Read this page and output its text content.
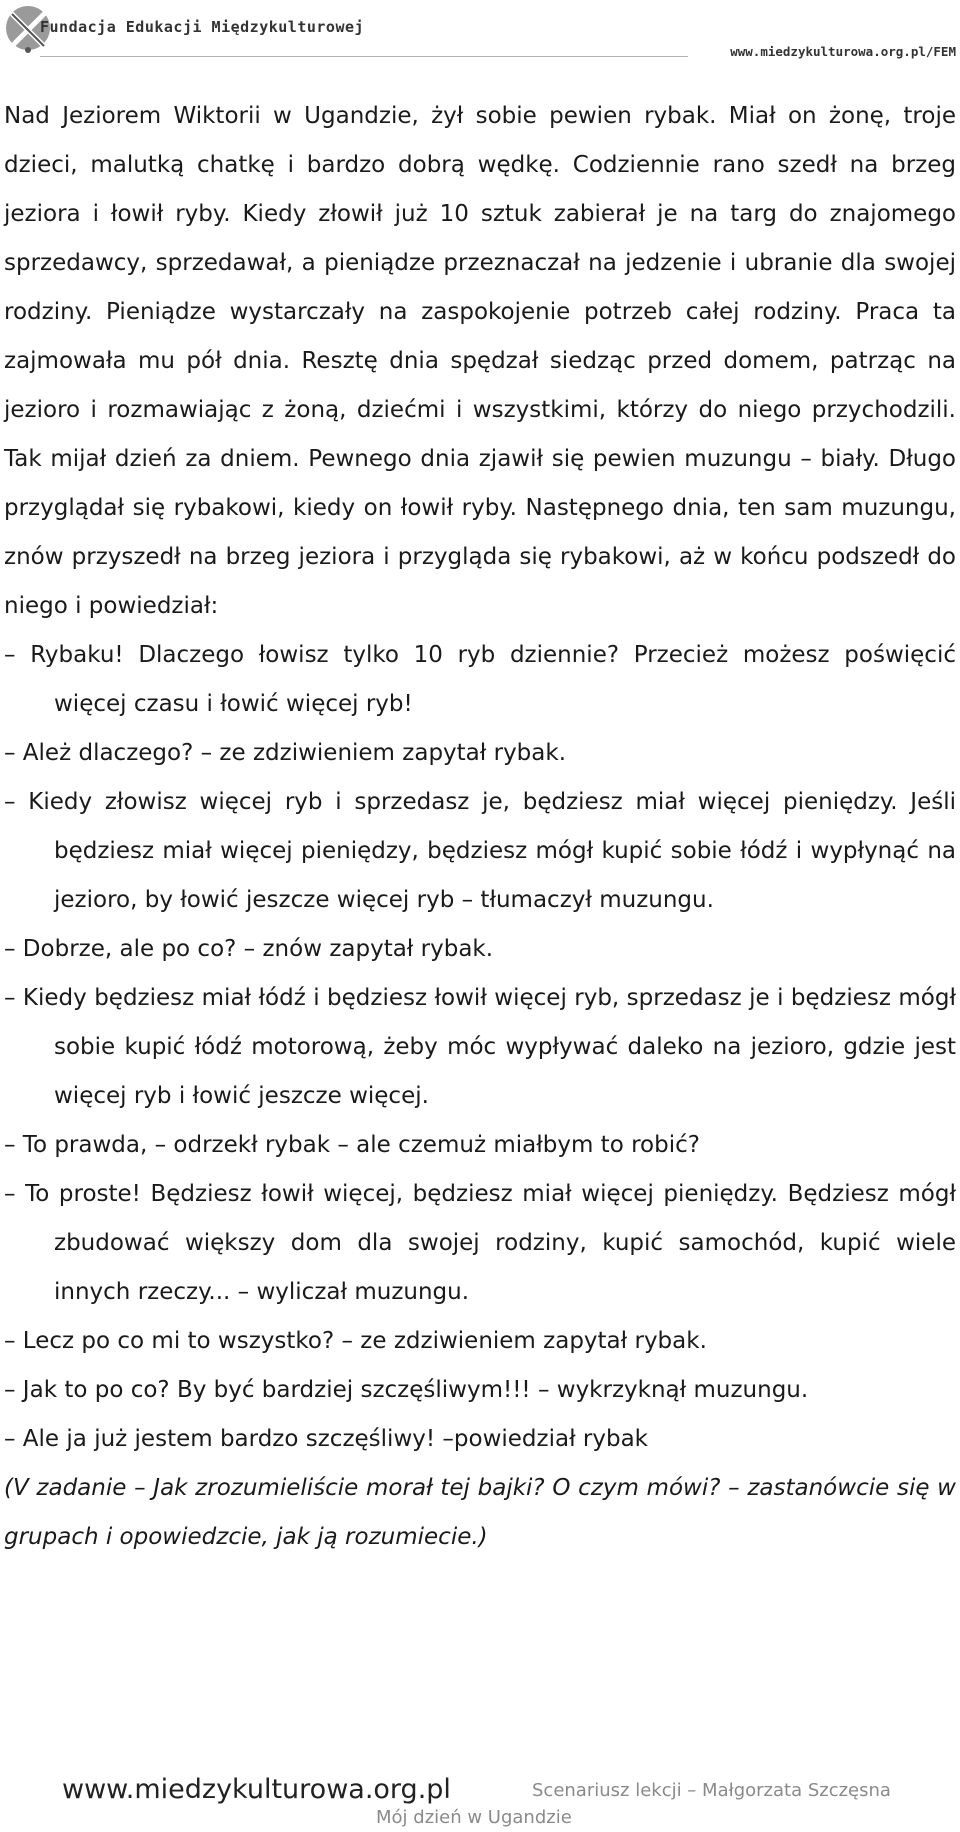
Fundacja Edukacji Międzykulturowej
www.miedzykulturowa.org.pl/FEM

Nad Jeziorem Wiktorii w Ugandzie, żył sobie pewien rybak. Miał on żonę, troje dzieci, malutką chatkę i bardzo dobrą wędkę. Codziennie rano szedł na brzeg jeziora i łowił ryby. Kiedy złowił już 10 sztuk zabierał je na targ do znajomego sprzedawcy, sprzedawał, a pieniądze przeznaczał na jedzenie i ubranie dla swojej rodziny. Pieniądze wystarczały na zaspokojenie potrzeb całej rodziny. Praca ta zajmowała mu pół dnia. Resztę dnia spędzał siedząc przed domem, patrząc na jezioro i rozmawiając z żoną, dziećmi i wszystkimi, którzy do niego przychodzili. Tak mijał dzień za dniem. Pewnego dnia zjawił się pewien muzungu – biały. Długo przyglądał się rybakowi, kiedy on łowił ryby. Następnego dnia, ten sam muzungu, znów przyszedł na brzeg jeziora i przygląda się rybakowi, aż w końcu podszedł do niego i powiedział:

– Rybaku! Dlaczego łowisz tylko 10 ryb dziennie? Przecież możesz poświęcić więcej czasu i łowić więcej ryb!

– Ależ dlaczego? – ze zdziwieniem zapytał rybak.

– Kiedy złowisz więcej ryb i sprzedasz je, będziesz miał więcej pieniędzy. Jeśli będziesz miał więcej pieniędzy, będziesz mógł kupić sobie łódź i wypłynąć na jezioro, by łowić jeszcze więcej ryb – tłumaczył muzungu.

– Dobrze, ale po co? – znów zapytał rybak.

– Kiedy będziesz miał łódź i będziesz łowił więcej ryb, sprzedasz je i będziesz mógł sobie kupić łódź motorową, żeby móc wypływać daleko na jezioro, gdzie jest więcej ryb i łowić jeszcze więcej.

– To prawda, – odrzekł rybak – ale czemuż miałbym to robić?

– To proste! Będziesz łowił więcej, będziesz miał więcej pieniędzy. Będziesz mógł zbudować większy dom dla swojej rodziny, kupić samochód, kupić wiele innych rzeczy... – wyliczał muzungu.

– Lecz po co mi to wszystko? – ze zdziwieniem zapytał rybak.

– Jak to po co? By być bardziej szczęśliwym!!! – wykrzyknął muzungu.

– Ale ja już jestem bardzo szczęśliwy! –powiedział rybak

(V zadanie – Jak zrozumieliście morał tej bajki? O czym mówi? – zastanówcie się w grupach i opowiedzcie, jak ją rozumiecie.)

www.miedzykulturowa.org.pl	Scenariusz lekcji – Małgorzata Szczęsna
Mój dzień w Ugandzie
